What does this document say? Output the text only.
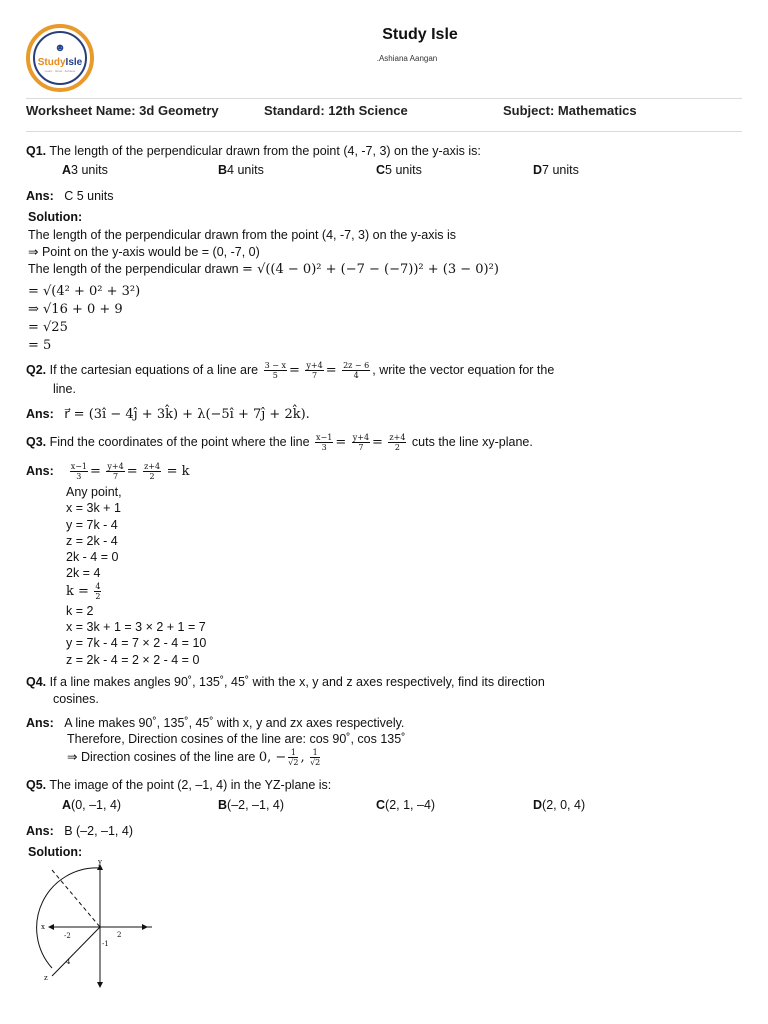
☻
StudyIsle
Learn · Grow · Achieve
Study Isle
.Ashiana Aangan
Worksheet Name: 3d Geometry	Standard: 12th Science	Subject: Mathematics
Q1. The length of the perpendicular drawn from the point (4, -7, 3) on the y-axis is:
A3 units	B4 units	C5 units	D7 units
Ans: C 5 units
Solution:
The length of the perpendicular drawn from the point (4, -7, 3) on the y-axis is
⇒ Point on the y-axis would be = (0, -7, 0)
The length of the perpendicular drawn = √((4 − 0)² + (−7 − (−7))² + (3 − 0)²)
= √(4² + 0² + 3²)
⇒ √16 + 0 + 9
= √25
= 5
Q2. If the cartesian equations of a line are $\frac{3 - x}{5} = \frac{y+4}{7} = \frac{2z - 6}{4}$ , write the vector equation for the
line.
Ans: r⃗ = (3î − 4ĵ + 3k̂) + λ(−5î + 7ĵ + 2k̂).
Q3. Find the coordinates of the point where the line $\frac{x-1}{3} = \frac{y+4}{7} = \frac{z+4}{2}$ cuts the line xy-plane.
Ans: $\frac{x-1}{3} = \frac{y+4}{7} = \frac{z+4}{2} = k$
Any point,
x = 3k + 1
y = 7k - 4
z = 2k - 4
2k - 4 = 0
2k = 4
$k = \frac{4}{2}$
k = 2
x = 3k + 1 = 3 × 2 + 1 = 7
y = 7k - 4 = 7 × 2 - 4 = 10
z = 2k - 4 = 2 × 2 - 4 = 0
Q4. If a line makes angles 90˚, 135˚, 45˚ with the x, y and z axes respectively, find its direction
cosines.
Ans: A line makes 90˚, 135˚, 45˚ with x, y and zx axes respectively.
Therefore, Direction cosines of the line are: cos 90˚, cos 135˚
⇒ Direction cosines of the line are 0, − $\frac{1}{√2}$ , $\frac{1}{√2}$
Q5. The image of the point (2, –1, 4) in the YZ-plane is:
A(0, –1, 4)	B(–2, –1, 4)	C(2, 1, –4)	D(2, 0, 4)
Ans: B (–2, –1, 4)
Solution:
y
x
z
-2	2
-1
4
